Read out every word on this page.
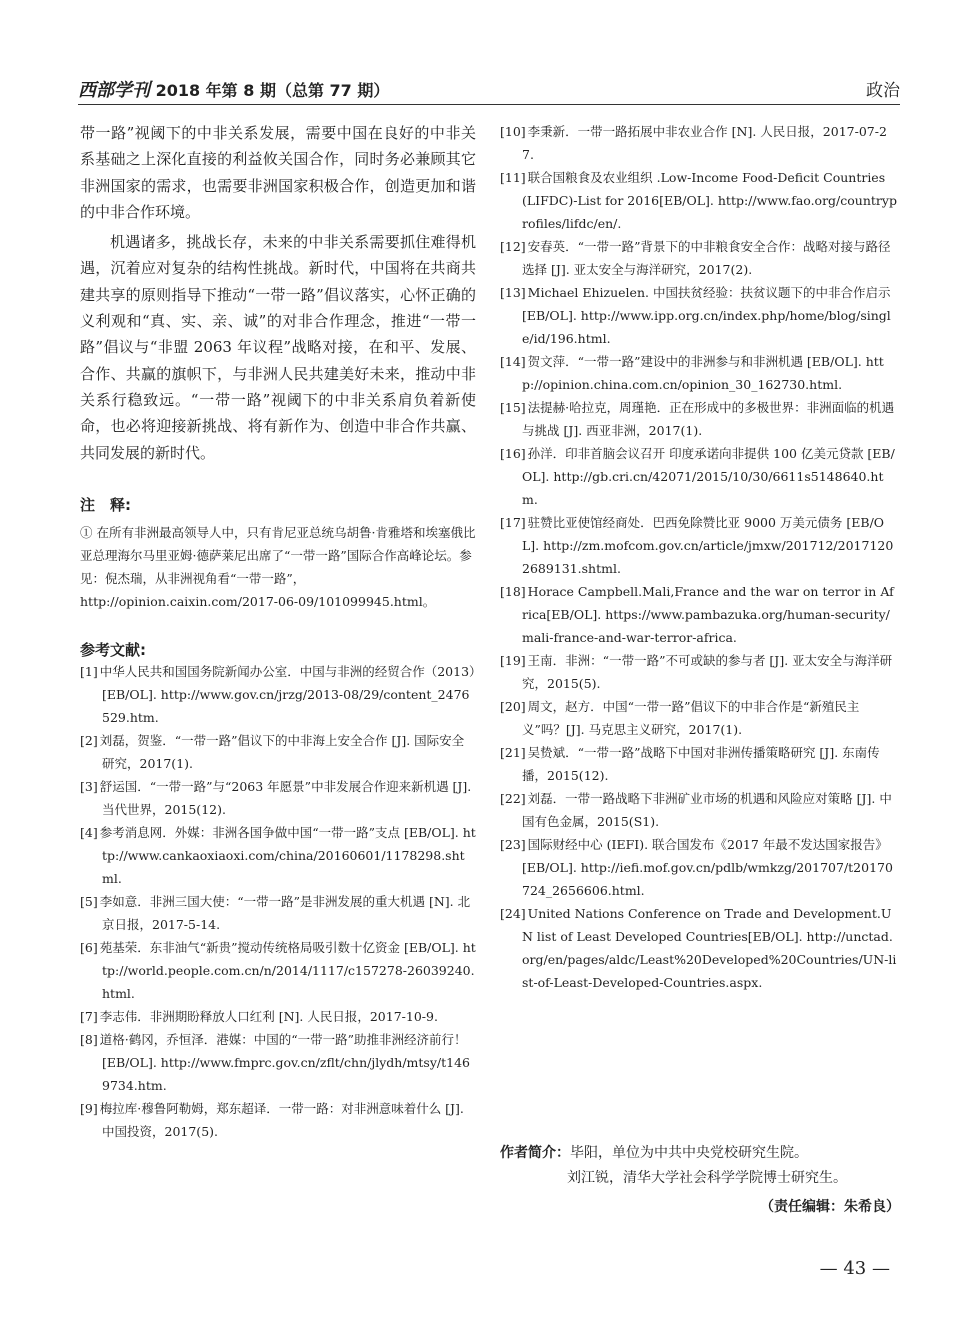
西部学刊 2018 年第 8 期（总第 77 期）	政治

带一路”视阈下的中非关系发展，需要中国在良好的中非关系基础之上深化直接的利益攸关国合作，同时务必兼顾其它非洲国家的需求，也需要非洲国家积极合作，创造更加和谐的中非合作环境。

机遇诸多，挑战长存，未来的中非关系需要抓住难得机遇，沉着应对复杂的结构性挑战。新时代，中国将在共商共建共享的原则指导下推动“一带一路”倡议落实，心怀正确的义利观和“真、实、亲、诚”的对非合作理念，推进“一带一路”倡议与“非盟 2063 年议程”战略对接，在和平、发展、合作、共赢的旗帜下，与非洲人民共建美好未来，推动中非关系行稳致远。“一带一路”视阈下的中非关系肩负着新使命，也必将迎接新挑战、将有新作为、创造中非合作共赢、共同发展的新时代。

注　释:
① 在所有非洲最高领导人中，只有肯尼亚总统乌胡鲁·肯雅塔和埃塞俄比亚总理海尔马里亚姆·德萨莱尼出席了“一带一路”国际合作高峰论坛。参见：倪杰瑞，从非洲视角看“一带一路”，http://opinion.caixin.com/2017-06-09/101099945.html。
参考文献:
[1] 中华人民共和国国务院新闻办公室．中国与非洲的经贸合作（2013）[EB/OL]. http://www.gov.cn/jrzg/2013-08/29/content_2476529.htm.
[2] 刘磊，贺鉴．“一带一路”倡议下的中非海上安全合作 [J]. 国际安全研究，2017(1).
[3] 舒运国．“一带一路”与“2063 年愿景”中非发展合作迎来新机遇 [J]. 当代世界，2015(12).
[4] 参考消息网．外媒：非洲各国争做中国“一带一路”支点 [EB/OL]. http://www.cankaoxiaoxi.com/china/20160601/1178298.shtml.
[5] 李如意．非洲三国大使：“一带一路”是非洲发展的重大机遇 [N]. 北京日报，2017-5-14.
[6] 苑基荣．东非油气“新贵”搅动传统格局吸引数十亿资金 [EB/OL]. http://world.people.com.cn/n/2014/1117/c157278-26039240.html.
[7] 李志伟．非洲期盼释放人口红利 [N]. 人民日报，2017-10-9.
[8] 道格·鹤冈，乔恒泽．港媒：中国的“一带一路”助推非洲经济前行！[EB/OL]. http://www.fmprc.gov.cn/zflt/chn/jlydh/mtsy/t1469734.htm.
[9] 梅拉库·穆鲁阿勒姆，郑东超译．一带一路：对非洲意味着什么 [J]. 中国投资，2017(5).
[10] 李秉新．一带一路拓展中非农业合作 [N]. 人民日报，2017-07-27.
[11] 联合国粮食及农业组织 .Low-Income Food-Deficit Countries (LIFDC)-List for 2016[EB/OL]. http://www.fao.org/countryprofiles/lifdc/en/.
[12] 安春英．“一带一路”背景下的中非粮食安全合作：战略对接与路径选择 [J]. 亚太安全与海洋研究，2017(2).
[13] Michael Ehizuelen. 中国扶贫经验：扶贫议题下的中非合作启示 [EB/OL]. http://www.ipp.org.cn/index.php/home/blog/single/id/196.html.
[14] 贺文萍．“一带一路”建设中的非洲参与和非洲机遇 [EB/OL]. http://opinion.china.com.cn/opinion_30_162730.html.
[15] 法提赫·哈拉克，周瑾艳．正在形成中的多极世界：非洲面临的机遇与挑战 [J]. 西亚非洲，2017(1).
[16] 孙洋．印非首脑会议召开 印度承诺向非提供 100 亿美元贷款 [EB/OL]. http://gb.cri.cn/42071/2015/10/30/6611s5148640.htm.
[17] 驻赞比亚使馆经商处．巴西免除赞比亚 9000 万美元债务 [EB/OL]. http://zm.mofcom.gov.cn/article/jmxw/201712/20171202689131.shtml.
[18] Horace Campbell.Mali,France and the war on terror in Africa[EB/OL]. https://www.pambazuka.org/human-security/mali-france-and-war-terror-africa.
[19] 王南．非洲：“一带一路”不可或缺的参与者 [J]. 亚太安全与海洋研究，2015(5).
[20] 周文，赵方．中国“一带一路”倡议下的中非合作是“新殖民主义”吗？[J]. 马克思主义研究，2017(1).
[21] 吴贽斌．“一带一路”战略下中国对非洲传播策略研究 [J]. 东南传播，2015(12).
[22] 刘磊．一带一路战略下非洲矿业市场的机遇和风险应对策略 [J]. 中国有色金属，2015(S1).
[23] 国际财经中心 (IEFI). 联合国发布《2017 年最不发达国家报告》[EB/OL]. http://iefi.mof.gov.cn/pdlb/wmkzg/201707/t20170724_2656606.html.
[24] United Nations Conference on Trade and Development.UN list of Least Developed Countries[EB/OL]. http://unctad.org/en/pages/aldc/Least%20Developed%20Countries/UN-list-of-Least-Developed-Countries.aspx.
作者简介：毕阳，单位为中共中央党校研究生院。
刘江锐，清华大学社会科学学院博士研究生。
（责任编辑：朱希良）
— 43 —
